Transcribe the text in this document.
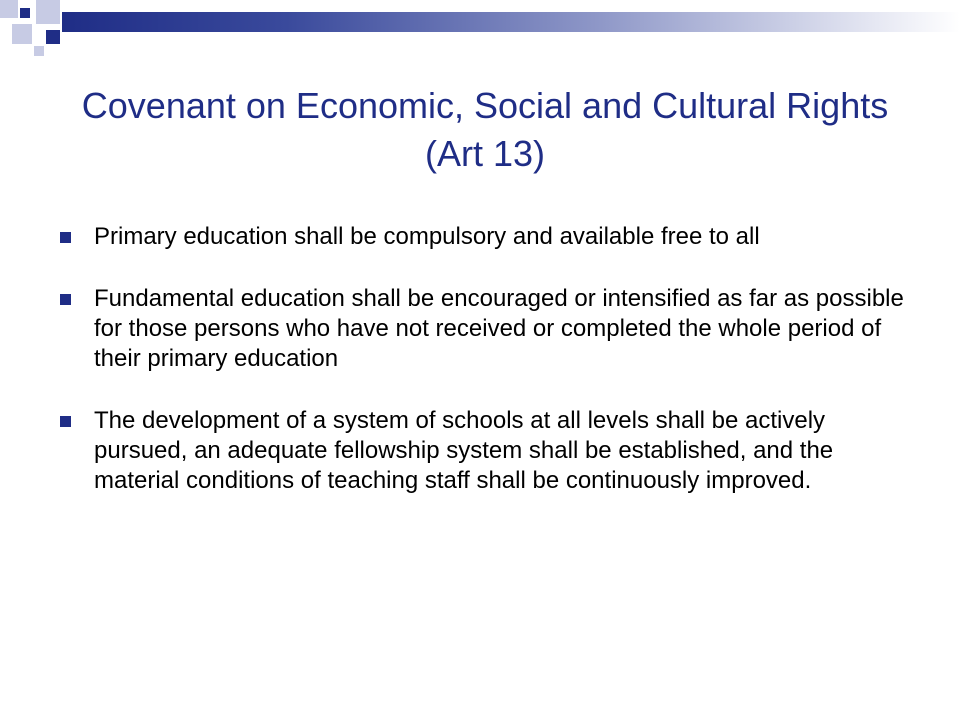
Covenant on Economic, Social and Cultural Rights (Art 13)
Primary education shall be compulsory and available free to all
Fundamental education shall be encouraged or intensified as far as possible for those persons who have not received or completed the whole period of their primary education
The development of a system of schools at all levels shall be actively pursued, an adequate fellowship system shall be established, and the material conditions of teaching staff shall be continuously improved.
